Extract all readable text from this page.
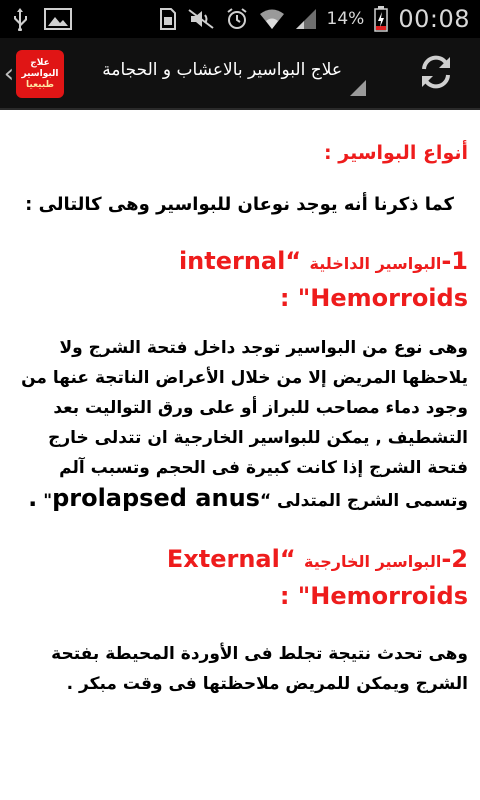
14% 00:08
‹ علاج
البواسير
طبيعيا
علاج البواسير بالاعشاب و الحجامة
أنواع البواسير :
كما ذكرنا أنه يوجد نوعان للبواسير وهى كالتالى :
1-البواسير الداخلية “internal Hemorroids" :
وهى نوع من البواسير توجد داخل فتحة الشرج ولا يلاحظها المريض إلا من خلال الأعراض الناتجة عنها من وجود دماء مصاحب للبراز أو على ورق التواليت بعد التشطيف , يمكن للبواسير الخارجية ان تتدلى خارج فتحة الشرج إذا كانت كبيرة فى الحجم وتسبب آلم وتسمى الشرج المتدلى “prolapsed anus" .
2-البواسير الخارجية “External Hemorroids" :
وهى تحدث نتيجة تجلط فى الأوردة المحيطة بفتحة الشرج ويمكن للمريض ملاحظتها فى وقت مبكر .
